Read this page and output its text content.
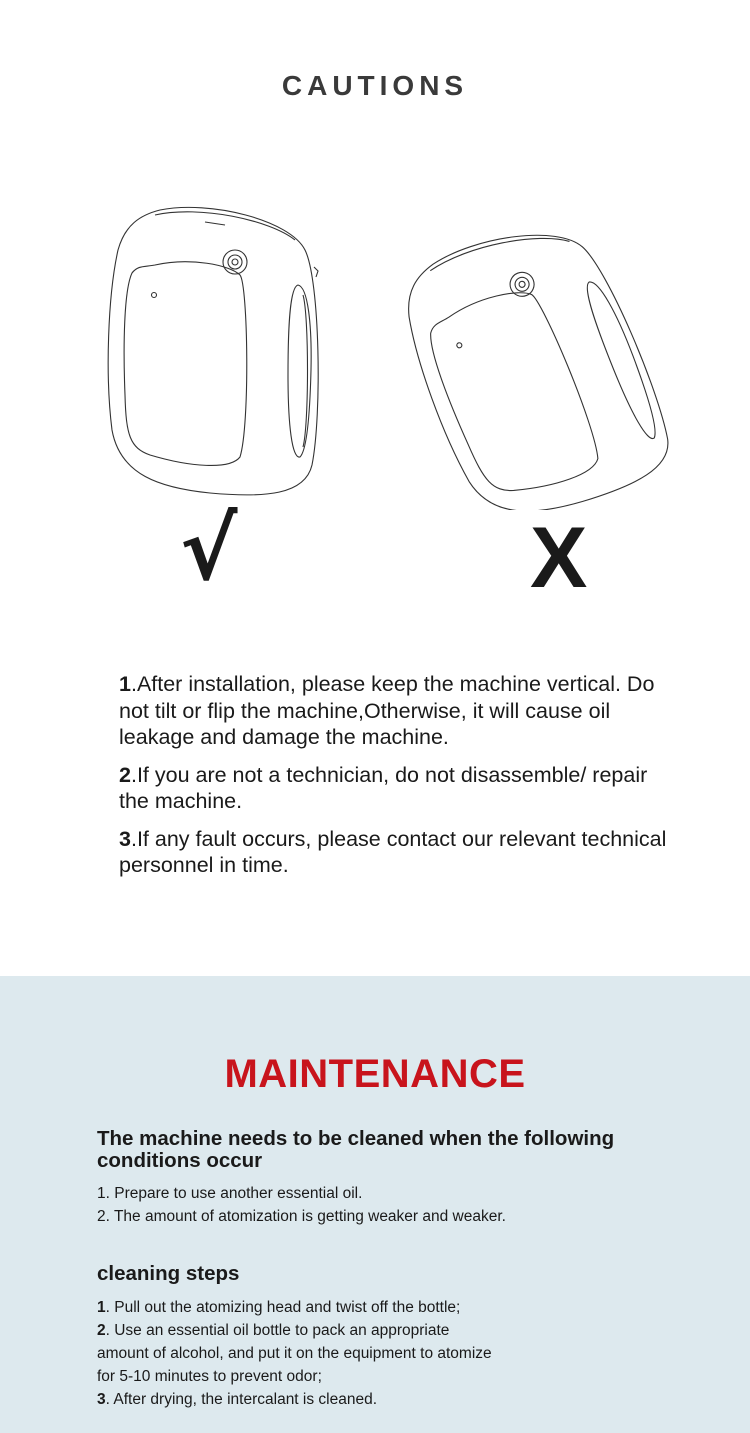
CAUTIONS
√	X

1.After installation, please keep the machine vertical. Do not tilt or flip the machine,Otherwise, it will cause oil leakage and damage the machine.

2.If you are not a technician, do not disassemble/ repair the machine.

3.If any fault occurs, please contact our relevant technical personnel in time.

MAINTENANCE
The machine needs to be cleaned when the following conditions occur
1. Prepare to use another essential oil.
2. The amount of atomization is getting weaker and weaker.
cleaning steps
1. Pull out the atomizing head and twist off the bottle;
2. Use an essential oil bottle to pack an appropriate
amount of alcohol, and put it on the equipment to atomize
for 5-10 minutes to prevent odor;
3. After drying, the intercalant is cleaned.
